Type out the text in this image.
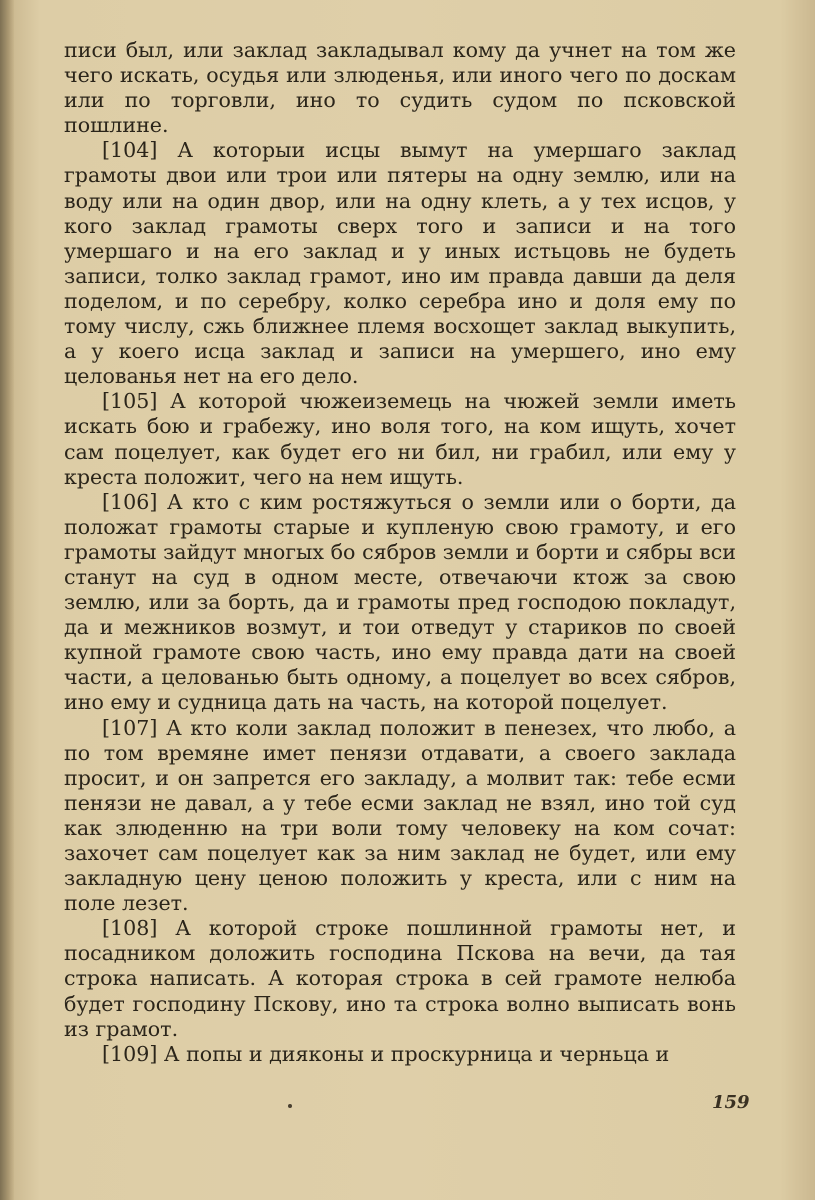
писи был, или заклад закладывал кому да учнет на том же чего искать, осудья или злюденья, или иного чего по доскам или по торговли, ино то судить судом по псковской пошлине.

[104] А которыи исцы вымут на умершаго заклад грамоты двои или трои или пятеры на одну землю, или на воду или на один двор, или на одну клеть, а у тех исцов, у кого заклад грамоты сверх того и записи и на того умершаго и на его заклад и у иных истьцовь не будеть записи, толко заклад грамот, ино им правда давши да деля поделом, и по серебру, колко серебра ино и доля ему по тому числу, сжь ближнее племя восхощет заклад выкупить, а у коего исца заклад и записи на умершего, ино ему целованья нет на его дело.

[105] А которой чюжеиземець на чюжей земли иметь искать бою и грабежу, ино воля того, на ком ищуть, хочет сам поцелует, как будет его ни бил, ни грабил, или ему у креста положит, чего на нем ищуть.

[106] А кто с ким ростяжуться о земли или о борти, да положат грамоты старые и купленую свою грамоту, и его грамоты зайдут многых бо сябров земли и борти и сябры вси станут на суд в одном месте, отвечаючи ктож за свою землю, или за борть, да и грамоты пред господою покладут, да и межников возмут, и тои отведут у стариков по своей купной грамоте свою часть, ино ему правда дати на своей части, а целованью быть одному, а поцелует во всех сябров, ино ему и судница дать на часть, на которой поцелует.

[107] А кто коли заклад положит в пенезех, что любо, а по том времяне имет пенязи отдавати, а своего заклада просит, и он запрется его закладу, а молвит так: тебе есми пенязи не давал, а у тебе есми заклад не взял, ино той суд как злюденню на три воли тому человеку на ком сочат: захочет сам поцелует как за ним заклад не будет, или ему закладную цену ценою положить у креста, или с ним на поле лезет.

[108] А которой строке пошлинной грамоты нет, и посадником доложить господина Пскова на вечи, да тая строка написать. А которая строка в сей грамоте нелюба будет господину Пскову, ино та строка волно выписать вонь из грамот.

[109] А попы и дияконы и проскурница и черньца и

159
